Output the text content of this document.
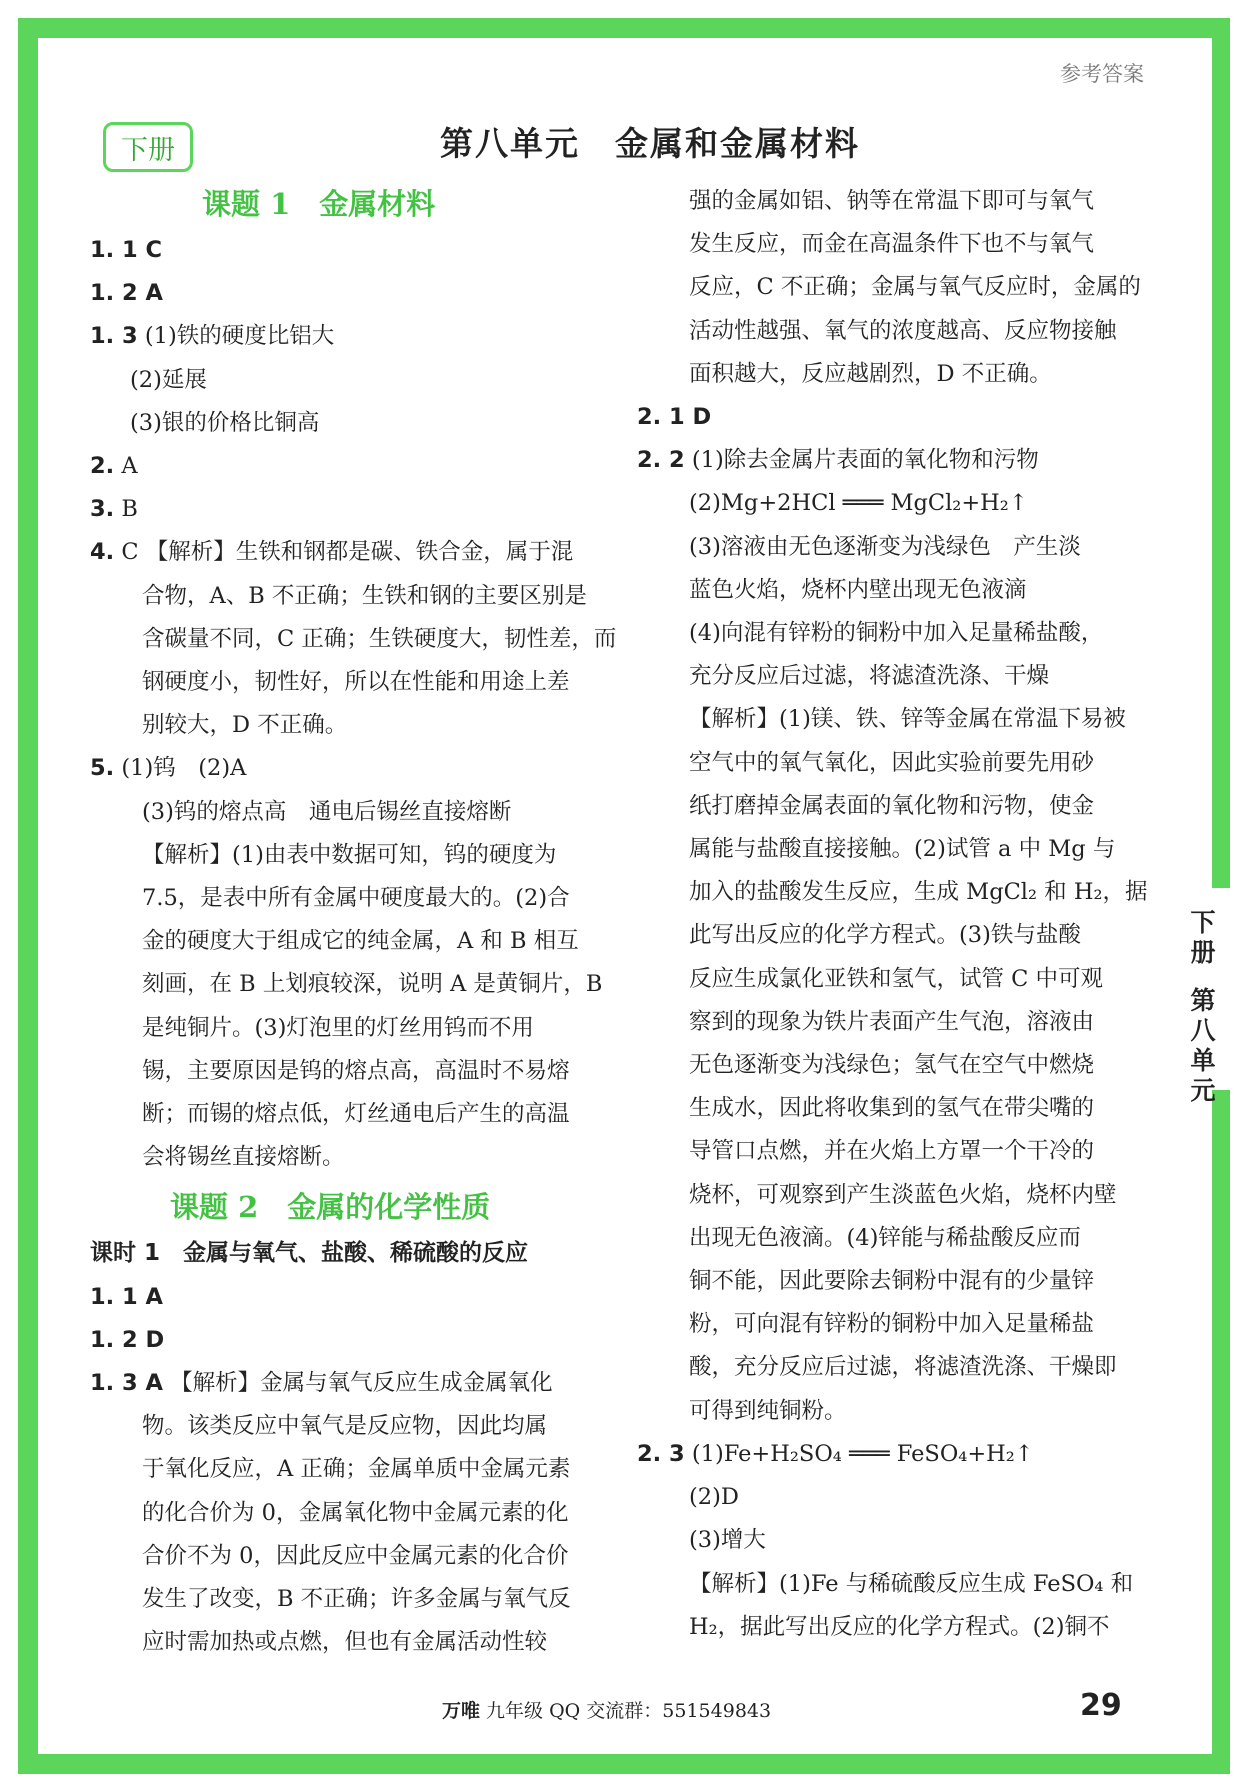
参考答案
下册	第八单元　金属和金属材料
下册
第八单元
课题 1　金属材料
1. 1 C
1. 2 A
1. 3 (1)铁的硬度比铝大
(2)延展
(3)银的价格比铜高
2. A
3. B
4. C 【解析】生铁和钢都是碳、铁合金，属于混
合物，A、B 不正确；生铁和钢的主要区别是
含碳量不同，C 正确；生铁硬度大，韧性差，而
钢硬度小，韧性好，所以在性能和用途上差
别较大，D 不正确。
5. (1)钨　(2)A
(3)钨的熔点高　通电后锡丝直接熔断
【解析】(1)由表中数据可知，钨的硬度为
7.5，是表中所有金属中硬度最大的。(2)合
金的硬度大于组成它的纯金属，A 和 B 相互
刻画，在 B 上划痕较深，说明 A 是黄铜片，B
是纯铜片。(3)灯泡里的灯丝用钨而不用
锡，主要原因是钨的熔点高，高温时不易熔
断；而锡的熔点低，灯丝通电后产生的高温
会将锡丝直接熔断。
课题 2　金属的化学性质
课时 1　金属与氧气、盐酸、稀硫酸的反应
1. 1 A
1. 2 D
1. 3 A 【解析】金属与氧气反应生成金属氧化
物。该类反应中氧气是反应物，因此均属
于氧化反应，A 正确；金属单质中金属元素
的化合价为 0，金属氧化物中金属元素的化
合价不为 0，因此反应中金属元素的化合价
发生了改变，B 不正确；许多金属与氧气反
应时需加热或点燃，但也有金属活动性较
强的金属如铝、钠等在常温下即可与氧气
发生反应，而金在高温条件下也不与氧气
反应，C 不正确；金属与氧气反应时，金属的
活动性越强、氧气的浓度越高、反应物接触
面积越大，反应越剧烈，D 不正确。
2. 1 D
2. 2 (1)除去金属片表面的氧化物和污物
(2)Mg+2HCl ═══ MgCl₂+H₂↑
(3)溶液由无色逐渐变为浅绿色　产生淡
蓝色火焰，烧杯内壁出现无色液滴
(4)向混有锌粉的铜粉中加入足量稀盐酸，
充分反应后过滤，将滤渣洗涤、干燥
【解析】(1)镁、铁、锌等金属在常温下易被
空气中的氧气氧化，因此实验前要先用砂
纸打磨掉金属表面的氧化物和污物，使金
属能与盐酸直接接触。(2)试管 a 中 Mg 与
加入的盐酸发生反应，生成 MgCl₂ 和 H₂，据
此写出反应的化学方程式。(3)铁与盐酸
反应生成氯化亚铁和氢气，试管 C 中可观
察到的现象为铁片表面产生气泡，溶液由
无色逐渐变为浅绿色；氢气在空气中燃烧
生成水，因此将收集到的氢气在带尖嘴的
导管口点燃，并在火焰上方罩一个干冷的
烧杯，可观察到产生淡蓝色火焰，烧杯内壁
出现无色液滴。(4)锌能与稀盐酸反应而
铜不能，因此要除去铜粉中混有的少量锌
粉，可向混有锌粉的铜粉中加入足量稀盐
酸，充分反应后过滤，将滤渣洗涤、干燥即
可得到纯铜粉。
2. 3 (1)Fe+H₂SO₄ ═══ FeSO₄+H₂↑
(2)D
(3)增大
【解析】(1)Fe 与稀硫酸反应生成 FeSO₄ 和
H₂，据此写出反应的化学方程式。(2)铜不
万唯 九年级 QQ 交流群：551549843	29
